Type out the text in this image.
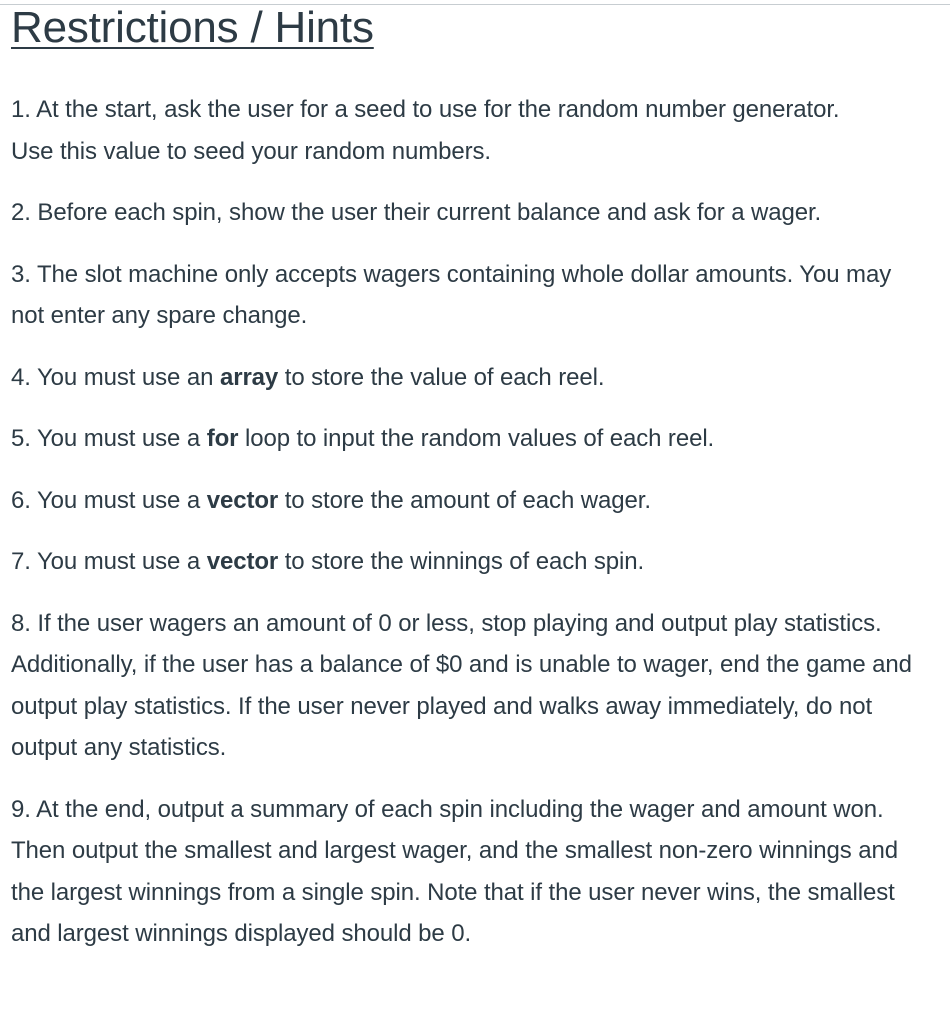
Restrictions / Hints
1. At the start, ask the user for a seed to use for the random number generator. Use this value to seed your random numbers.
2. Before each spin, show the user their current balance and ask for a wager.
3. The slot machine only accepts wagers containing whole dollar amounts. You may not enter any spare change.
4. You must use an array to store the value of each reel.
5. You must use a for loop to input the random values of each reel.
6. You must use a vector to store the amount of each wager.
7. You must use a vector to store the winnings of each spin.
8. If the user wagers an amount of 0 or less, stop playing and output play statistics. Additionally, if the user has a balance of $0 and is unable to wager, end the game and output play statistics. If the user never played and walks away immediately, do not output any statistics.
9. At the end, output a summary of each spin including the wager and amount won. Then output the smallest and largest wager, and the smallest non-zero winnings and the largest winnings from a single spin. Note that if the user never wins, the smallest and largest winnings displayed should be 0.
